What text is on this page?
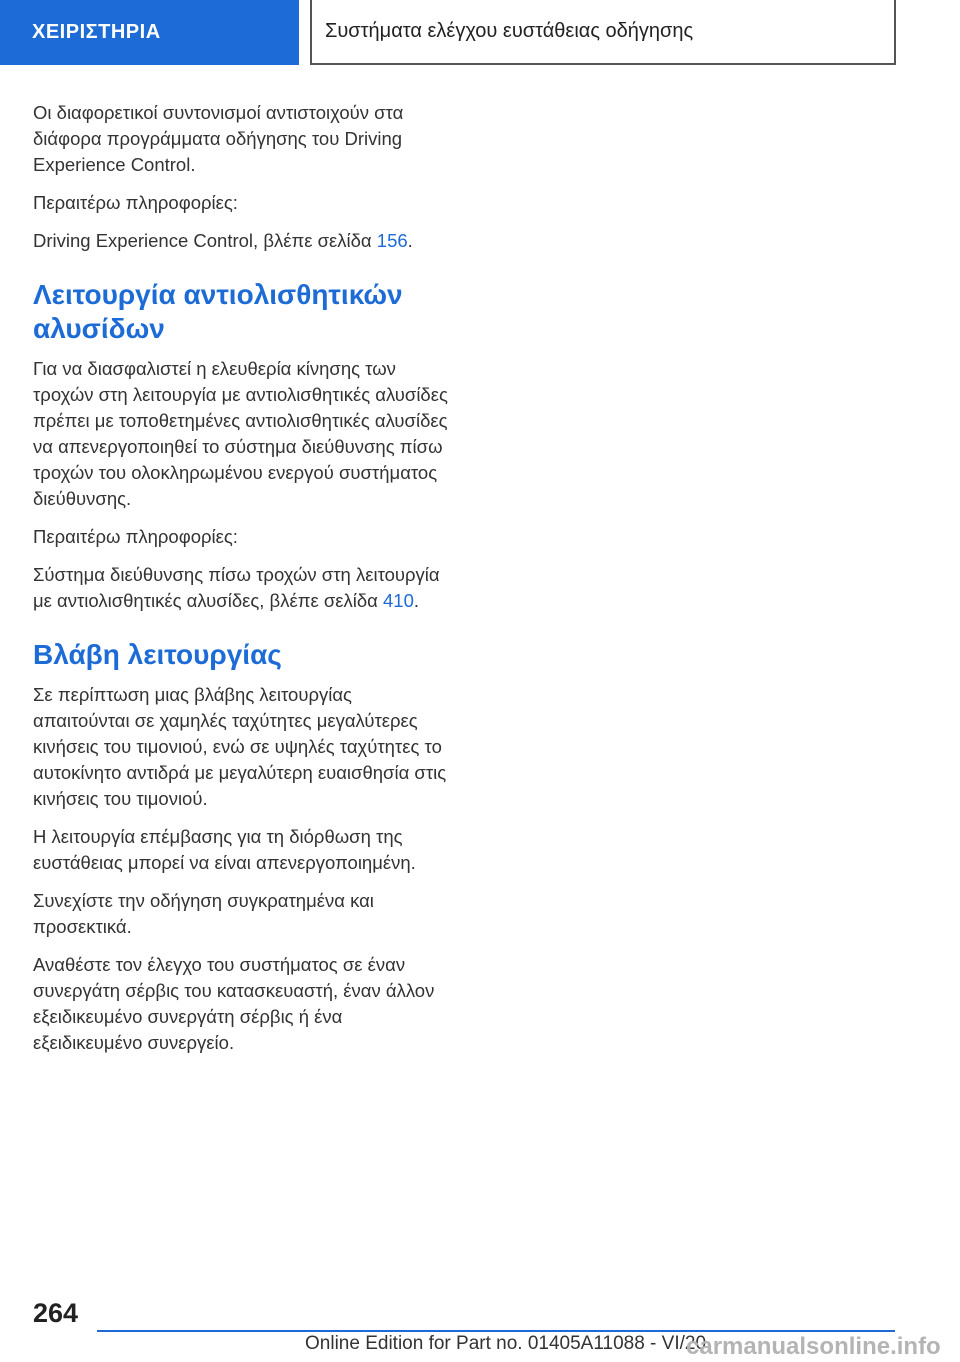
ΧΕΙΡΙΣΤΗΡΙΑ	Συστήματα ελέγχου ευστάθειας οδήγησης

Οι διαφορετικοί συντονισμοί αντιστοιχούν στα διάφορα προγράμματα οδήγησης του Driving Experience Control.

Περαιτέρω πληροφορίες:

Driving Experience Control, βλέπε σελίδα 156.

Λειτουργία αντιολισθητικών αλυσίδων

Για να διασφαλιστεί η ελευθερία κίνησης των τροχών στη λειτουργία με αντιολισθητικές αλυσίδες πρέπει με τοποθετημένες αντιολισθητικές αλυσίδες να απενεργοποιηθεί το σύστημα διεύθυνσης πίσω τροχών του ολοκληρωμένου ενεργού συστήματος διεύθυνσης.

Περαιτέρω πληροφορίες:

Σύστημα διεύθυνσης πίσω τροχών στη λειτουργία με αντιολισθητικές αλυσίδες, βλέπε σελίδα 410.

Βλάβη λειτουργίας

Σε περίπτωση μιας βλάβης λειτουργίας απαιτούνται σε χαμηλές ταχύτητες μεγαλύτερες κινήσεις του τιμονιού, ενώ σε υψηλές ταχύτητες το αυτοκίνητο αντιδρά με μεγαλύτερη ευαισθησία στις κινήσεις του τιμονιού.

Η λειτουργία επέμβασης για τη διόρθωση της ευστάθειας μπορεί να είναι απενεργοποιημένη.

Συνεχίστε την οδήγηση συγκρατημένα και προσεκτικά.

Αναθέστε τον έλεγχο του συστήματος σε έναν συνεργάτη σέρβις του κατασκευαστή, έναν άλλον εξειδικευμένο συνεργάτη σέρβις ή ένα εξειδικευμένο συνεργείο.

264
Online Edition for Part no. 01405A11088 - VI/20
carmanualsonline.info
